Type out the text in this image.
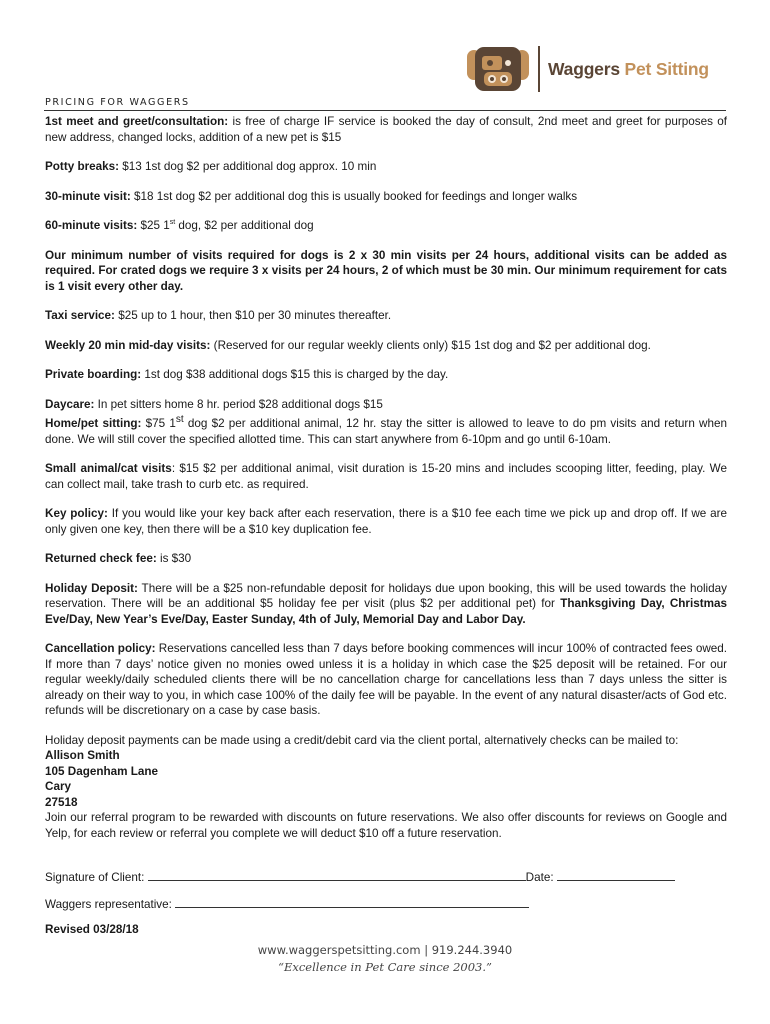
Waggers Pet Sitting
PRICING FOR WAGGERS

1st meet and greet/consultation: is free of charge IF service is booked the day of consult, 2nd meet and greet for purposes of new address, changed locks, addition of a new pet is $15

Potty breaks: $13 1st dog $2 per additional dog approx. 10 min

30-minute visit: $18 1st dog $2 per additional dog this is usually booked for feedings and longer walks

60-minute visits: $25 1st dog, $2 per additional dog

Our minimum number of visits required for dogs is 2 x 30 min visits per 24 hours, additional visits can be added as required. For crated dogs we require 3 x visits per 24 hours, 2 of which must be 30 min. Our minimum requirement for cats is 1 visit every other day.

Taxi service: $25 up to 1 hour, then $10 per 30 minutes thereafter.

Weekly 20 min mid-day visits: (Reserved for our regular weekly clients only) $15 1st dog and $2 per additional dog.

Private boarding: 1st dog $38 additional dogs $15 this is charged by the day.

Daycare: In pet sitters home 8 hr. period $28 additional dogs $15

Home/pet sitting: $75 1st dog $2 per additional animal, 12 hr. stay the sitter is allowed to leave to do pm visits and return when done. We will still cover the specified allotted time. This can start anywhere from 6-10pm and go until 6-10am.

Small animal/cat visits: $15 $2 per additional animal, visit duration is 15-20 mins and includes scooping litter, feeding, play. We can collect mail, take trash to curb etc. as required.

Key policy: If you would like your key back after each reservation, there is a $10 fee each time we pick up and drop off. If we are only given one key, then there will be a $10 key duplication fee.

Returned check fee: is $30

Holiday Deposit: There will be a $25 non-refundable deposit for holidays due upon booking, this will be used towards the holiday reservation. There will be an additional $5 holiday fee per visit (plus $2 per additional pet) for Thanksgiving Day, Christmas Eve/Day, New Year’s Eve/Day, Easter Sunday, 4th of July, Memorial Day and Labor Day.

Cancellation policy: Reservations cancelled less than 7 days before booking commences will incur 100% of contracted fees owed. If more than 7 days’ notice given no monies owed unless it is a holiday in which case the $25 deposit will be retained. For our regular weekly/daily scheduled clients there will be no cancellation charge for cancellations less than 7 days unless the sitter is already on their way to you, in which case 100% of the daily fee will be payable. In the event of any natural disaster/acts of God etc. refunds will be discretionary on a case by case basis.

Holiday deposit payments can be made using a credit/debit card via the client portal, alternatively checks can be mailed to:
Allison Smith
105 Dagenham Lane
Cary
27518

Join our referral program to be rewarded with discounts on future reservations. We also offer discounts for reviews on Google and Yelp, for each review or referral you complete we will deduct $10 off a future reservation.

Signature of Client:	Date:

Waggers representative:

Revised 03/28/18

www.waggerspetsitting.com | 919.244.3940
“Excellence in Pet Care since 2003.”
